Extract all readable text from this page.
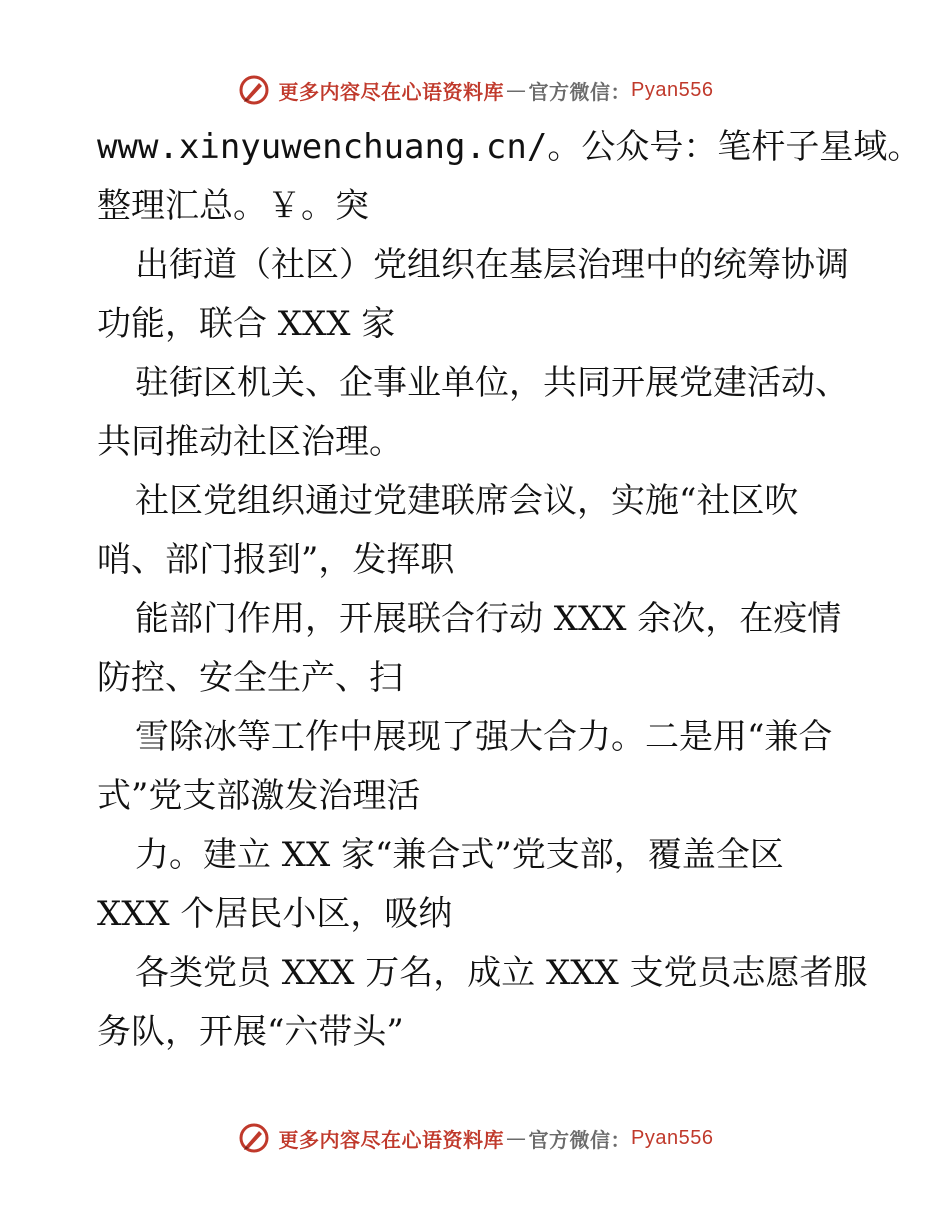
更多内容尽在心语资料库 — 官方微信： Pyan556

www.xinyuwenchuang.cn/。公众号：笔杆子星域。

整理汇总。￥。突

出街道（社区）党组织在基层治理中的统筹协调

功能，联合 XXX 家

驻街区机关、企事业单位，共同开展党建活动、

共同推动社区治理。

社区党组织通过党建联席会议，实施“社区吹

哨、部门报到”，发挥职

能部门作用，开展联合行动 XXX 余次，在疫情

防控、安全生产、扫

雪除冰等工作中展现了强大合力。二是用“兼合

式”党支部激发治理活

力。建立 XX 家“兼合式”党支部，覆盖全区

XXX 个居民小区，吸纳

各类党员 XXX 万名，成立 XXX 支党员志愿者服

务队，开展“六带头”

更多内容尽在心语资料库 — 官方微信： Pyan556
